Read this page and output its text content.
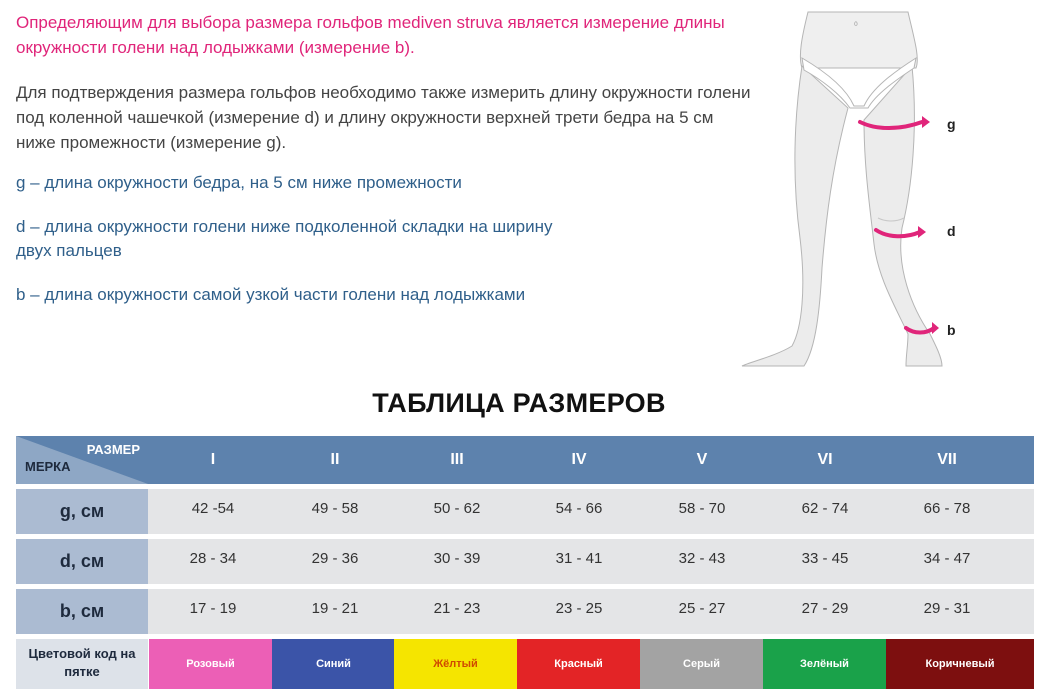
Определяющим для выбора размера гольфов mediven struva является измерение длины окружности голени над лодыжками (измерение b).

Для подтверждения размера гольфов необходимо также измерить длину окружности голени под коленной чашечкой (измерение d) и длину окружности верхней трети бедра на 5 см ниже промежности (измерение g).

g – длина окружности бедра, на 5 см ниже промежности

d – длина окружности голени ниже подколенной складки на ширину двух пальцев

b – длина окружности самой узкой части голени над лодыжками

0
g
d
b
ТАБЛИЦА РАЗМЕРОВ
РАЗМЕР
МЕРКА	I	II	III	IV	V	VI	VII
g, см	42 -54	49 - 58	50 - 62	54 - 66	58 - 70	62 - 74	66 - 78
d, см	28 - 34	29 - 36	30 - 39	31 - 41	32 - 43	33 - 45	34 - 47
b, см	17 - 19	19 - 21	21 - 23	23 - 25	25 - 27	27 - 29	29 - 31
Цветовой код на пятке	Розовый	Синий	Жёлтый	Красный	Серый	Зелёный	Коричневый
